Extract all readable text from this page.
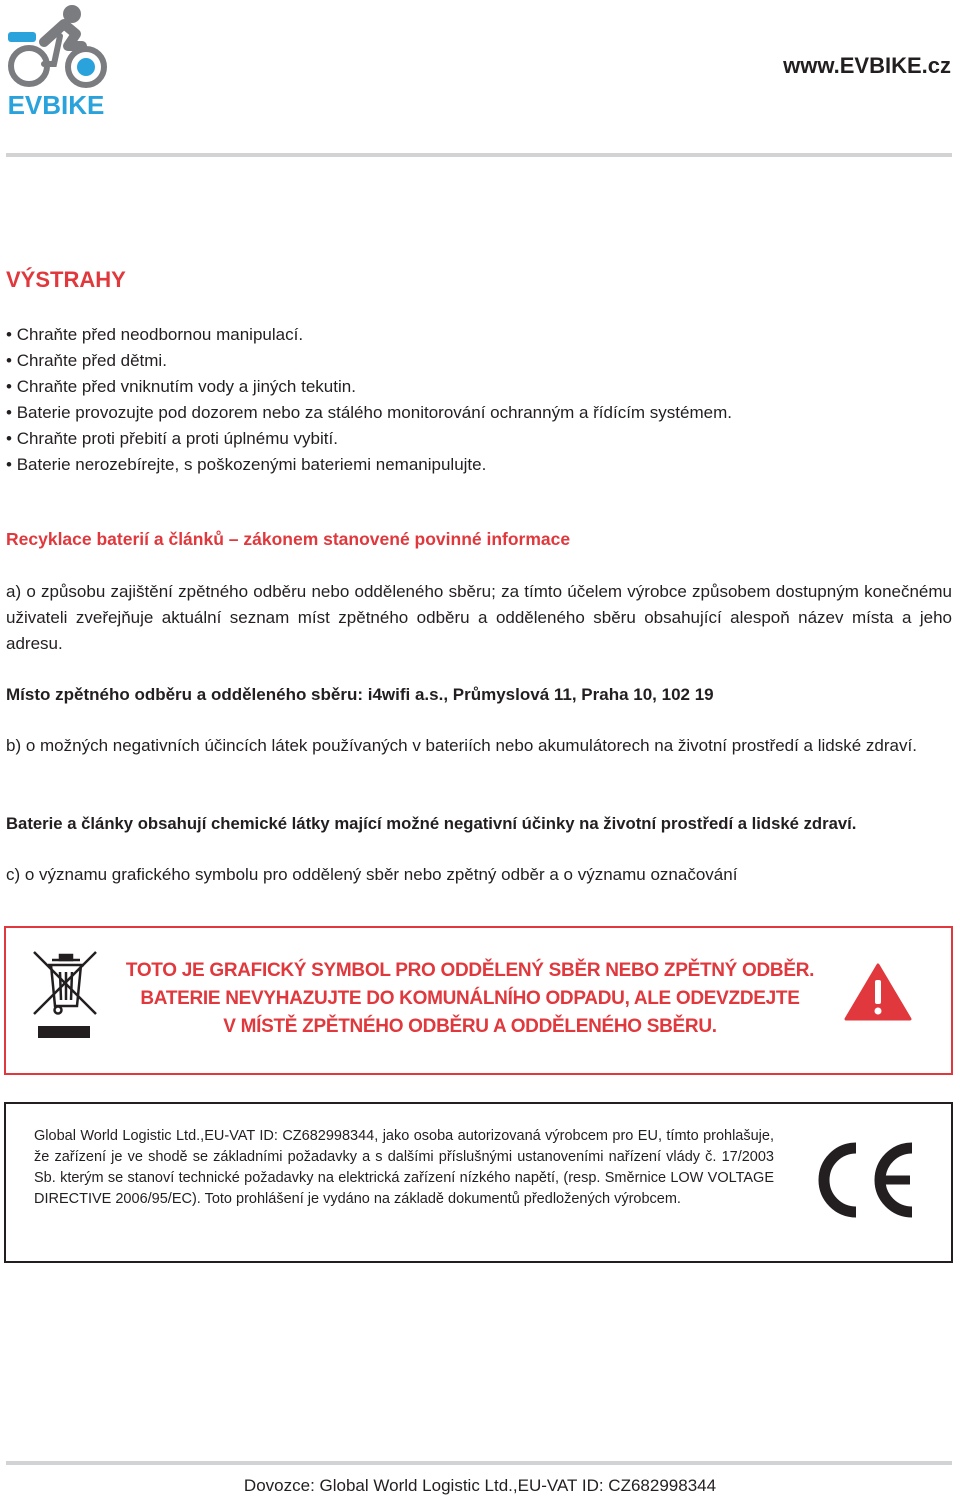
EVBIKE
www.EVBIKE.cz
VÝSTRAHY
• Chraňte před neodbornou manipulací.
• Chraňte před dětmi.
• Chraňte před vniknutím vody a jiných tekutin.
• Baterie provozujte pod dozorem nebo za stálého monitorování ochranným a řídícím systémem.
• Chraňte proti přebití a proti úplnému vybití.
• Baterie nerozebírejte, s poškozenými bateriemi nemanipulujte.
Recyklace baterií a článků – zákonem stanovené povinné informace
a) o způsobu zajištění zpětného odběru nebo odděleného sběru; za tímto účelem výrobce způsobem dostupným konečnému uživateli zveřejňuje aktuální seznam míst zpětného odběru a odděleného sběru obsahující alespoň název místa a jeho adresu.
Místo zpětného odběru a odděleného sběru: i4wifi a.s., Průmyslová 11, Praha 10, 102 19
b) o možných negativních účincích látek používaných v bateriích nebo akumulátorech na životní prostředí a lidské zdraví.
Baterie a články obsahují chemické látky mající možné negativní účinky na životní prostředí a lidské zdraví.
c) o významu grafického symbolu pro oddělený sběr nebo zpětný odběr a o významu označování
TOTO JE GRAFICKÝ SYMBOL PRO ODDĚLENÝ SBĚR NEBO ZPĚTNÝ ODBĚR.
BATERIE NEVYHAZUJTE DO KOMUNÁLNÍHO ODPADU, ALE ODEVZDEJTE
V MÍSTĚ ZPĚTNÉHO ODBĚRU A ODDĚLENÉHO SBĚRU.
Global World Logistic Ltd.,EU-VAT ID: CZ682998344, jako osoba autorizovaná výrobcem pro EU, tímto prohlašuje, že zařízení je ve shodě se základními požadavky a s dalšími příslušnými ustanoveními nařízení vlády č. 17/2003 Sb. kterým se stanoví technické požadavky na elektrická zařízení nízkého napětí, (resp. Směrnice LOW VOLTAGE DIRECTIVE 2006/95/EC). Toto prohlášení je vydáno na základě dokumentů předložených výrobcem.
Dovozce: Global World Logistic Ltd.,EU-VAT ID: CZ682998344
